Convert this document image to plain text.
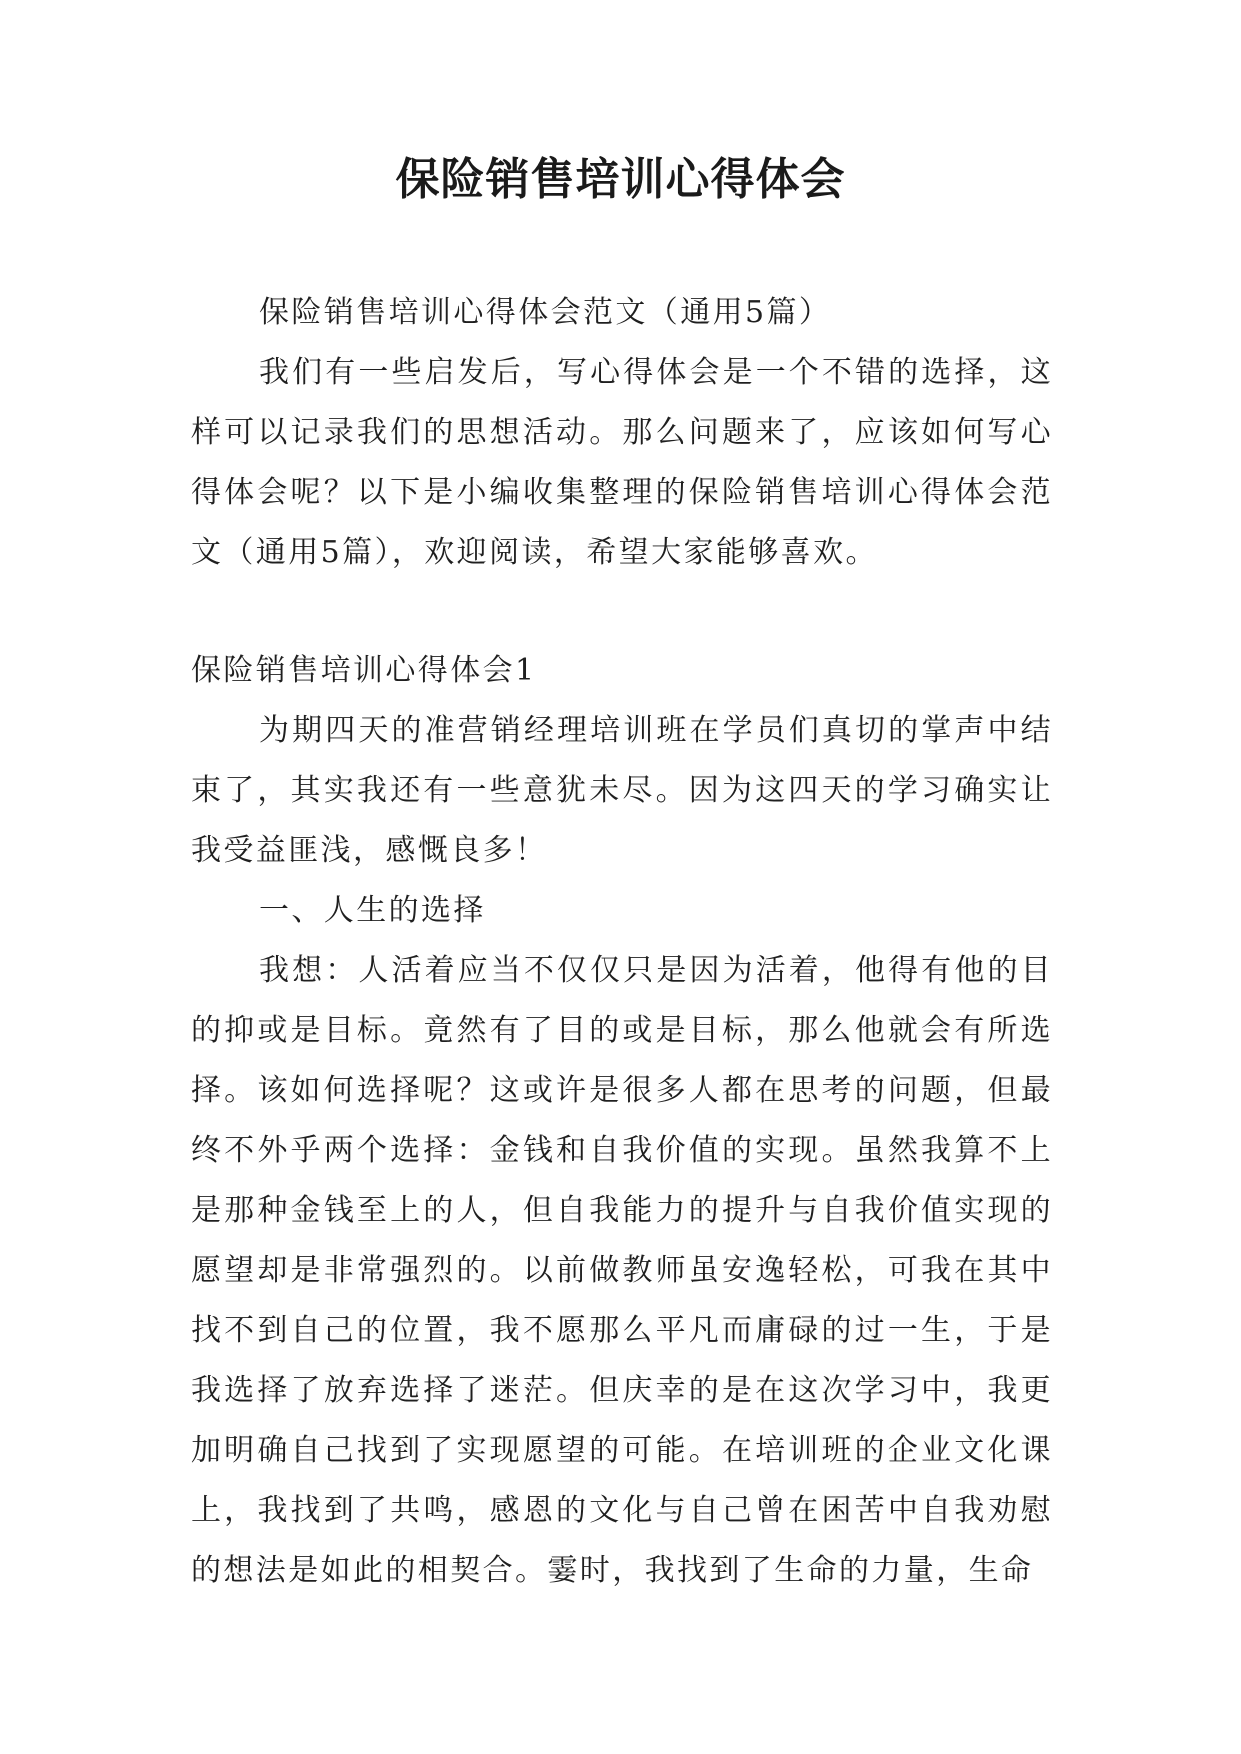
保险销售培训心得体会

保险销售培训心得体会范文（通用5篇）

我们有一些启发后，写心得体会是一个不错的选择，这样可以记录我们的思想活动。那么问题来了，应该如何写心得体会呢？以下是小编收集整理的保险销售培训心得体会范文（通用5篇），欢迎阅读，希望大家能够喜欢。

保险销售培训心得体会1

为期四天的准营销经理培训班在学员们真切的掌声中结束了，其实我还有一些意犹未尽。因为这四天的学习确实让我受益匪浅，感慨良多！

一、人生的选择

我想：人活着应当不仅仅只是因为活着，他得有他的目的抑或是目标。竟然有了目的或是目标，那么他就会有所选择。该如何选择呢？这或许是很多人都在思考的问题，但最终不外乎两个选择：金钱和自我价值的实现。虽然我算不上是那种金钱至上的人，但自我能力的提升与自我价值实现的愿望却是非常强烈的。以前做教师虽安逸轻松，可我在其中找不到自己的位置，我不愿那么平凡而庸碌的过一生，于是我选择了放弃选择了迷茫。但庆幸的是在这次学习中，我更加明确自己找到了实现愿望的可能。在培训班的企业文化课上，我找到了共鸣，感恩的文化与自己曾在困苦中自我劝慰的想法是如此的相契合。霎时，我找到了生命的力量，生命
